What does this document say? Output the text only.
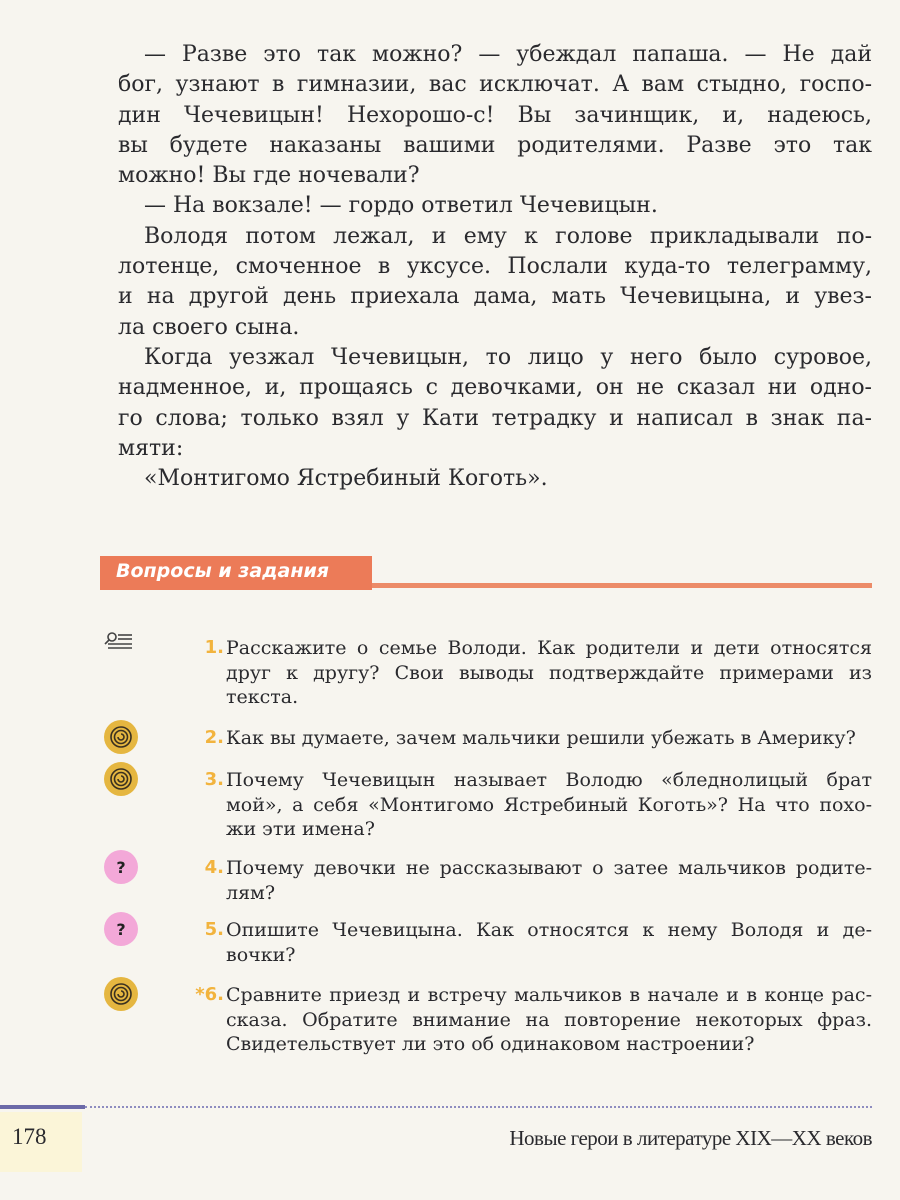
— Разве это так можно? — убеждал папаша. — Не дай
бог, узнают в гимназии, вас исключат. А вам стыдно, госпо-
дин Чечевицын! Нехорошо-с! Вы зачинщик, и, надеюсь,
вы будете наказаны вашими родителями. Разве это так
можно! Вы где ночевали?
— На вокзале! — гордо ответил Чечевицын.
Володя потом лежал, и ему к голове прикладывали по-
лотенце, смоченное в уксусе. Послали куда-то телеграмму,
и на другой день приехала дама, мать Чечевицына, и увез-
ла своего сына.
Когда уезжал Чечевицын, то лицо у него было суровое,
надменное, и, прощаясь с девочками, он не сказал ни одно-
го слова; только взял у Кати тетрадку и написал в знак па-
мяти:
«Монтигомо Ястребиный Коготь».
Вопросы и задания
1. Расскажите о семье Володи. Как родители и дети относятся
друг к другу? Свои выводы подтверждайте примерами из
текста.
2. Как вы думаете, зачем мальчики решили убежать в Америку?
3. Почему Чечевицын называет Володю «бледнолицый брат
мой», а себя «Монтигомо Ястребиный Коготь»? На что похо-
жи эти имена?
?	4. Почему девочки не рассказывают о затее мальчиков родите-
лям?
?	5. Опишите Чечевицына. Как относятся к нему Володя и де-
вочки?
*6. Сравните приезд и встречу мальчиков в начале и в конце рас-
сказа. Обратите внимание на повторение некоторых фраз.
Свидетельствует ли это об одинаковом настроении?
178	Новые герои в литературе XIX—XX веков
